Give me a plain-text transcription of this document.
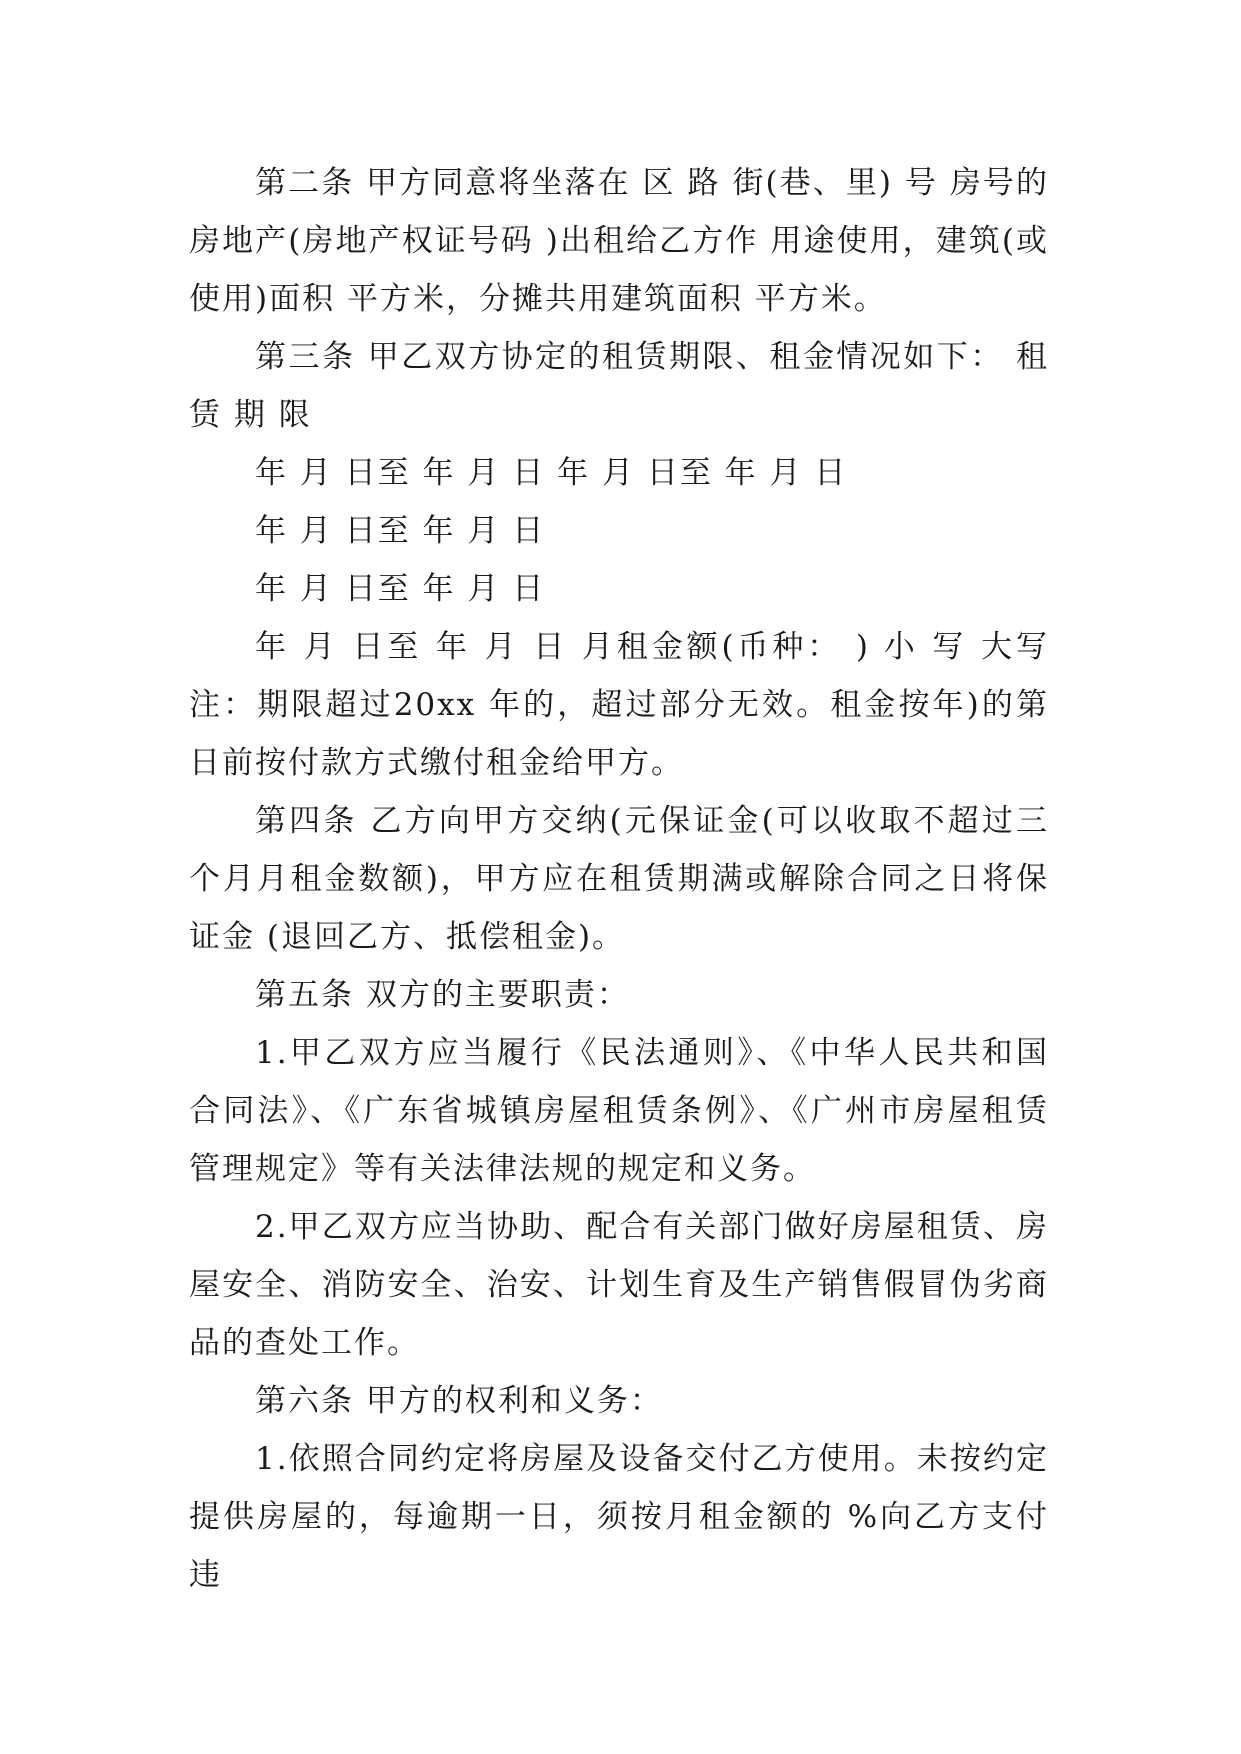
第二条 甲方同意将坐落在 区 路 街(巷、里) 号 房号的房地产(房地产权证号码 )出租给乙方作 用途使用，建筑(或使用)面积 平方米，分摊共用建筑面积 平方米。

第三条 甲乙双方协定的租赁期限、租金情况如下： 租赁 期 限

年 月 日至 年 月 日 年 月 日至 年 月 日

年 月 日至 年 月 日

年 月 日至 年 月 日

年 月 日至 年 月 日 月租金额(币种： ) 小 写 大写 注：期限超过20xx 年的，超过部分无效。租金按年)的第日前按付款方式缴付租金给甲方。

第四条 乙方向甲方交纳(元保证金(可以收取不超过三个月月租金数额)，甲方应在租赁期满或解除合同之日将保证金 (退回乙方、抵偿租金)。

第五条 双方的主要职责：

1.甲乙双方应当履行《民法通则》、《中华人民共和国合同法》、《广东省城镇房屋租赁条例》、《广州市房屋租赁管理规定》等有关法律法规的规定和义务。

2.甲乙双方应当协助、配合有关部门做好房屋租赁、房屋安全、消防安全、治安、计划生育及生产销售假冒伪劣商品的查处工作。

第六条 甲方的权利和义务：

1.依照合同约定将房屋及设备交付乙方使用。未按约定提供房屋的，每逾期一日，须按月租金额的 %向乙方支付违
